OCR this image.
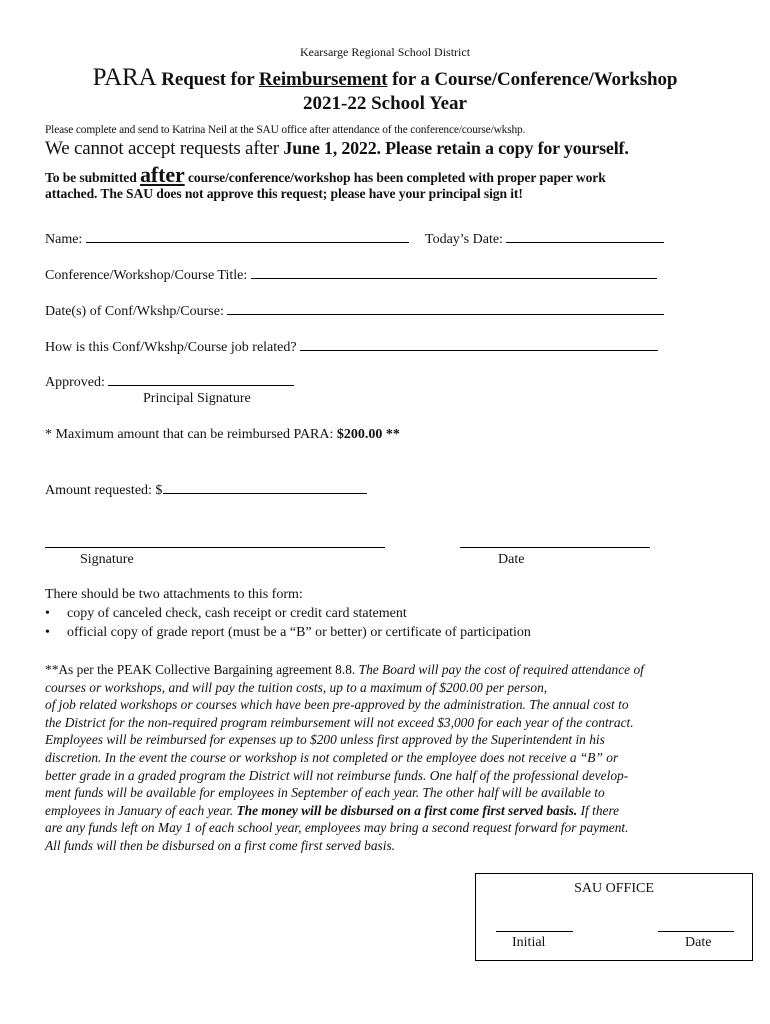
Kearsarge Regional School District
PARA Request for Reimbursement for a Course/Conference/Workshop
2021-22 School Year
Please complete and send to Katrina Neil at the SAU office after attendance of the conference/course/wkshp.
We cannot accept requests after June 1, 2022. Please retain a copy for yourself.
To be submitted after course/conference/workshop has been completed with proper paper work
attached. The SAU does not approve this request; please have your principal sign it!
Name:	Today’s Date:
Conference/Workshop/Course Title:
Date(s) of Conf/Wkshp/Course:
How is this Conf/Wkshp/Course job related?
Approved:
Principal Signature
* Maximum amount that can be reimbursed PARA: $200.00 **
Amount requested: $
Signature	Date
There should be two attachments to this form:
• copy of canceled check, cash receipt or credit card statement
• official copy of grade report (must be a “B” or better) or certificate of participation
**As per the PEAK Collective Bargaining agreement 8.8. The Board will pay the cost of required attendance of
courses or workshops, and will pay the tuition costs, up to a maximum of $200.00 per person,
of job related workshops or courses which have been pre-approved by the administration. The annual cost to
the District for the non-required program reimbursement will not exceed $3,000 for each year of the contract.
Employees will be reimbursed for expenses up to $200 unless first approved by the Superintendent in his
discretion. In the event the course or workshop is not completed or the employee does not receive a “B” or
better grade in a graded program the District will not reimburse funds. One half of the professional develop-
ment funds will be available for employees in September of each year. The other half will be available to
employees in January of each year. The money will be disbursed on a first come first served basis. If there
are any funds left on May 1 of each school year, employees may bring a second request forward for payment.
All funds will then be disbursed on a first come first served basis.
SAU OFFICE
Initial	Date
